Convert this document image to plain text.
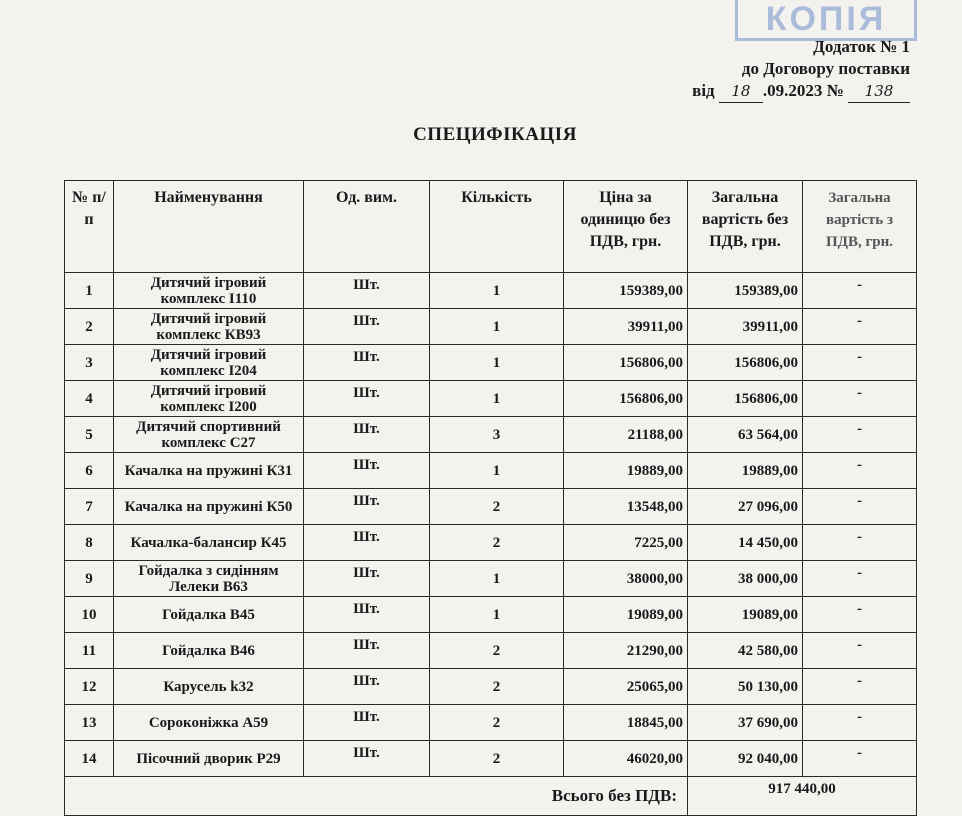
КОПІЯ
Додаток № 1
до Договору поставки
від 18 .09.2023 № 138
СПЕЦИФІКАЦІЯ
№ п/п	Найменування	Од. вим.	Кількість	Ціна за одиницю без ПДВ, грн.	Загальна вартість без ПДВ, грн.	Загальна вартість з ПДВ, грн.
1	Дитячий ігровий комплекс І110	Шт.	1	159389,00	159389,00	-
2	Дитячий ігровий комплекс КВ93	Шт.	1	39911,00	39911,00	-
3	Дитячий ігровий комплекс І204	Шт.	1	156806,00	156806,00	-
4	Дитячий ігровий комплекс І200	Шт.	1	156806,00	156806,00	-
5	Дитячий спортивний комплекс С27	Шт.	3	21188,00	63 564,00	-
6	Качалка на пружині К31	Шт.	1	19889,00	19889,00	-
7	Качалка на пружині К50	Шт.	2	13548,00	27 096,00	-
8	Качалка-балансир К45	Шт.	2	7225,00	14 450,00	-
9	Гойдалка з сидінням Лелеки В63	Шт.	1	38000,00	38 000,00	-
10	Гойдалка В45	Шт.	1	19089,00	19089,00	-
11	Гойдалка В46	Шт.	2	21290,00	42 580,00	-
12	Карусель k32	Шт.	2	25065,00	50 130,00	-
13	Сороконіжка А59	Шт.	2	18845,00	37 690,00	-
14	Пісочний дворик Р29	Шт.	2	46020,00	92 040,00	-
Всього без ПДВ:					917 440,00	
